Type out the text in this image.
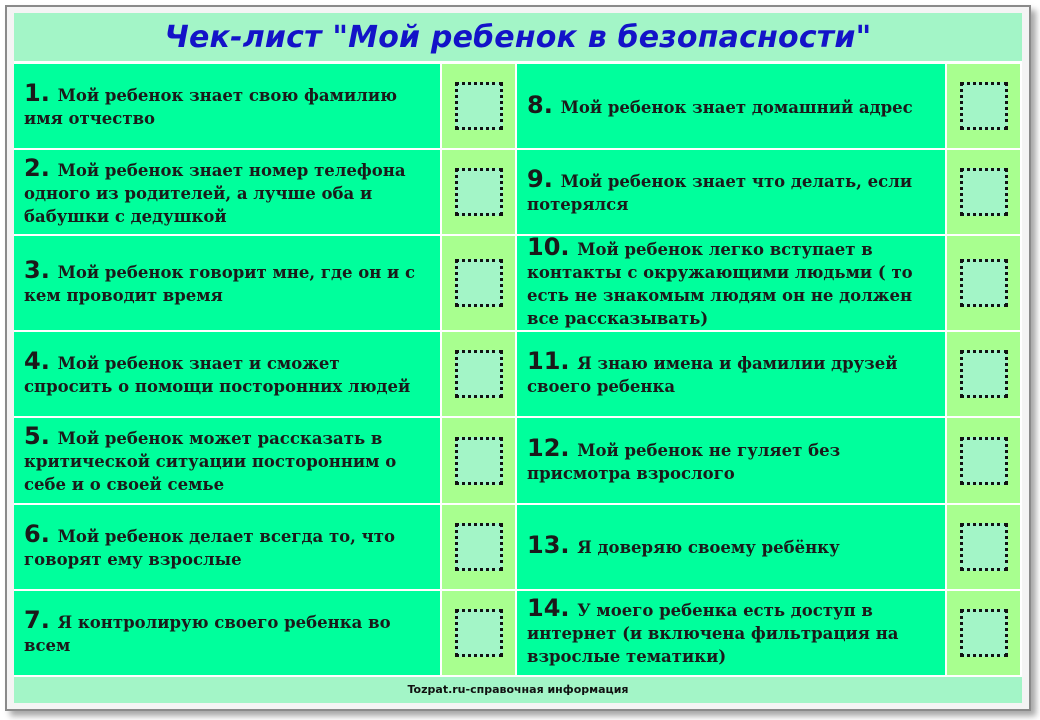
Чек-лист "Мой ребенок в безопасности"
1. Мой ребенок знает свою фамилию имя отчество	8. Мой ребенок знает домашний адрес
2. Мой ребенок знает номер телефона одного из родителей, а лучше оба и бабушки с дедушкой
9. Мой ребенок знает что делать, если потерялся
3. Мой ребенок говорит мне, где он и с кем проводит время
10. Мой ребенок легко вступает в контакты с окружающими людьми ( то есть не знакомым людям он не должен все рассказывать)
4. Мой ребенок знает и сможет спросить о помощи посторонних людей
11. Я знаю имена и фамилии друзей своего ребенка
5. Мой ребенок может рассказать в критической ситуации посторонним о себе и о своей семье
12. Мой ребенок не гуляет без присмотра взрослого
6. Мой ребенок делает всегда то, что говорят ему взрослые	13. Я доверяю своему ребёнку
7. Я контролирую своего ребенка во всем
14. У моего ребенка есть доступ в интернет (и включена фильтрация на взрослые тематики)
Tozpat.ru-справочная информация
